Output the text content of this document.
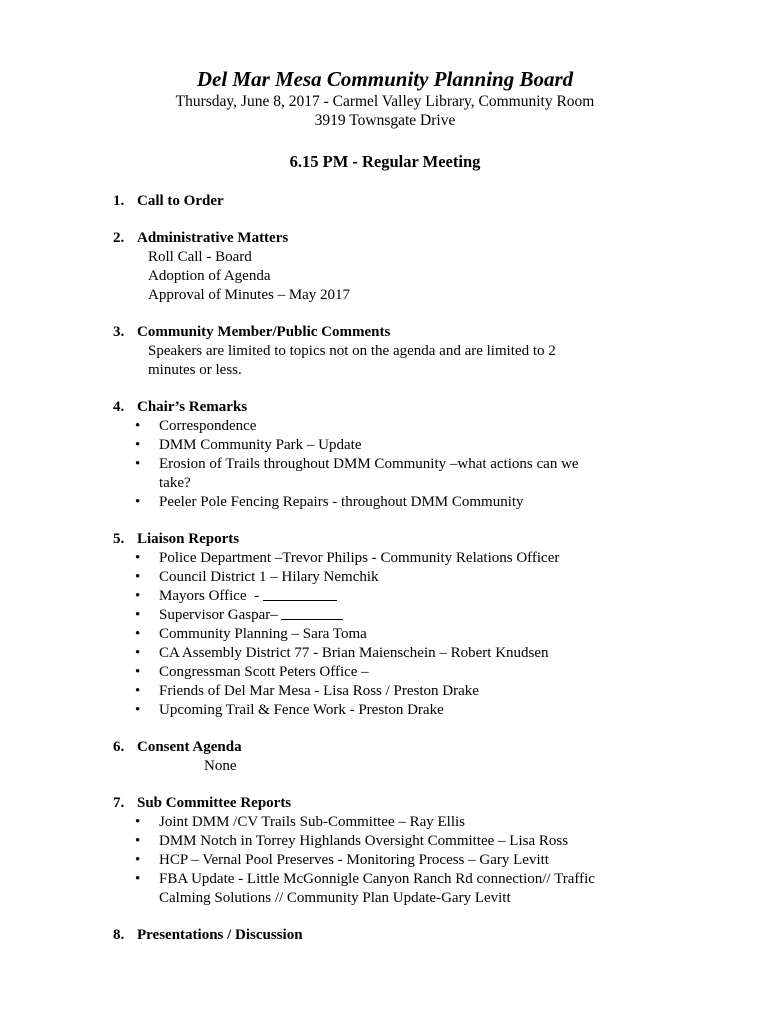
Del Mar Mesa Community Planning Board
Thursday, June 8, 2017 - Carmel Valley Library, Community Room
3919 Townsgate Drive
6.15 PM - Regular Meeting
1. Call to Order
2. Administrative Matters
Roll Call - Board
Adoption of Agenda
Approval of Minutes – May 2017
3. Community Member/Public Comments
Speakers are limited to topics not on the agenda and are limited to 2
minutes or less.
4. Chair’s Remarks
•	Correspondence
•	DMM Community Park – Update
•	Erosion of Trails throughout DMM Community –what actions can we
take?
•	Peeler Pole Fencing Repairs - throughout DMM Community
5. Liaison Reports
•	Police Department –Trevor Philips - Community Relations Officer
•	Council District 1 – Hilary Nemchik
•	Mayors Office  -
•	Supervisor Gaspar–
•	Community Planning – Sara Toma
•	CA Assembly District 77 - Brian Maienschein – Robert Knudsen
•	Congressman Scott Peters Office –
•	Friends of Del Mar Mesa - Lisa Ross / Preston Drake
•	Upcoming Trail & Fence Work - Preston Drake
6. Consent Agenda
None
7. Sub Committee Reports
•	Joint DMM /CV Trails Sub-Committee – Ray Ellis
•	DMM Notch in Torrey Highlands Oversight Committee – Lisa Ross
•	HCP – Vernal Pool Preserves - Monitoring Process – Gary Levitt
•	FBA Update - Little McGonnigle Canyon Ranch Rd connection// Traffic
Calming Solutions // Community Plan Update-Gary Levitt
8. Presentations / Discussion
